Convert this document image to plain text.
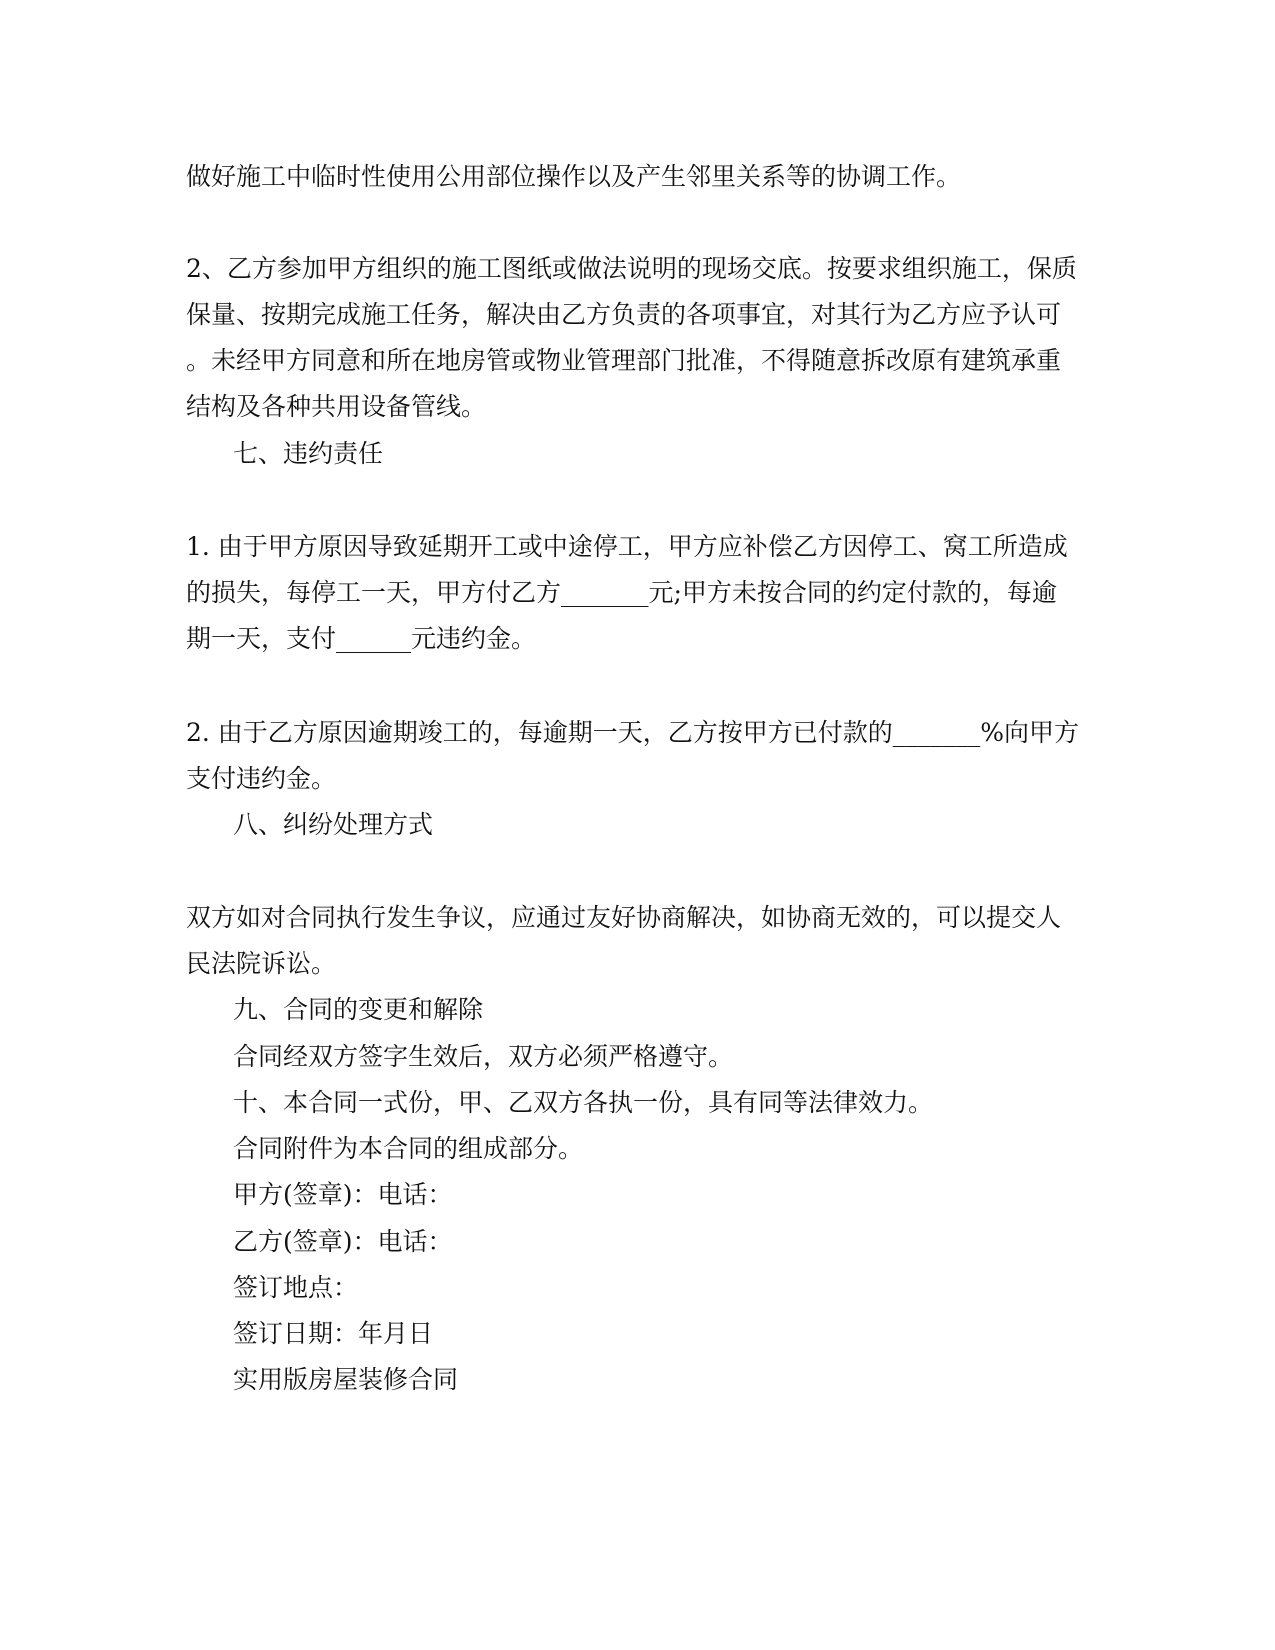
做好施工中临时性使用公用部位操作以及产生邻里关系等的协调工作。

2、乙方参加甲方组织的施工图纸或做法说明的现场交底。按要求组织施工，保质

保量、按期完成施工任务，解决由乙方负责的各项事宜，对其行为乙方应予认可

。未经甲方同意和所在地房管或物业管理部门批准，不得随意拆改原有建筑承重

结构及各种共用设备管线。

七、违约责任

1. 由于甲方原因导致延期开工或中途停工，甲方应补偿乙方因停工、窝工所造成

的损失，每停工一天，甲方付乙方_______元;甲方未按合同的约定付款的，每逾

期一天，支付______元违约金。

2. 由于乙方原因逾期竣工的，每逾期一天，乙方按甲方已付款的_______%向甲方

支付违约金。

八、纠纷处理方式

双方如对合同执行发生争议，应通过友好协商解决，如协商无效的，可以提交人

民法院诉讼。

九、合同的变更和解除

合同经双方签字生效后，双方必须严格遵守。

十、本合同一式份，甲、乙双方各执一份，具有同等法律效力。

合同附件为本合同的组成部分。

甲方(签章)：电话：

乙方(签章)：电话：

签订地点：

签订日期：年月日

实用版房屋装修合同
